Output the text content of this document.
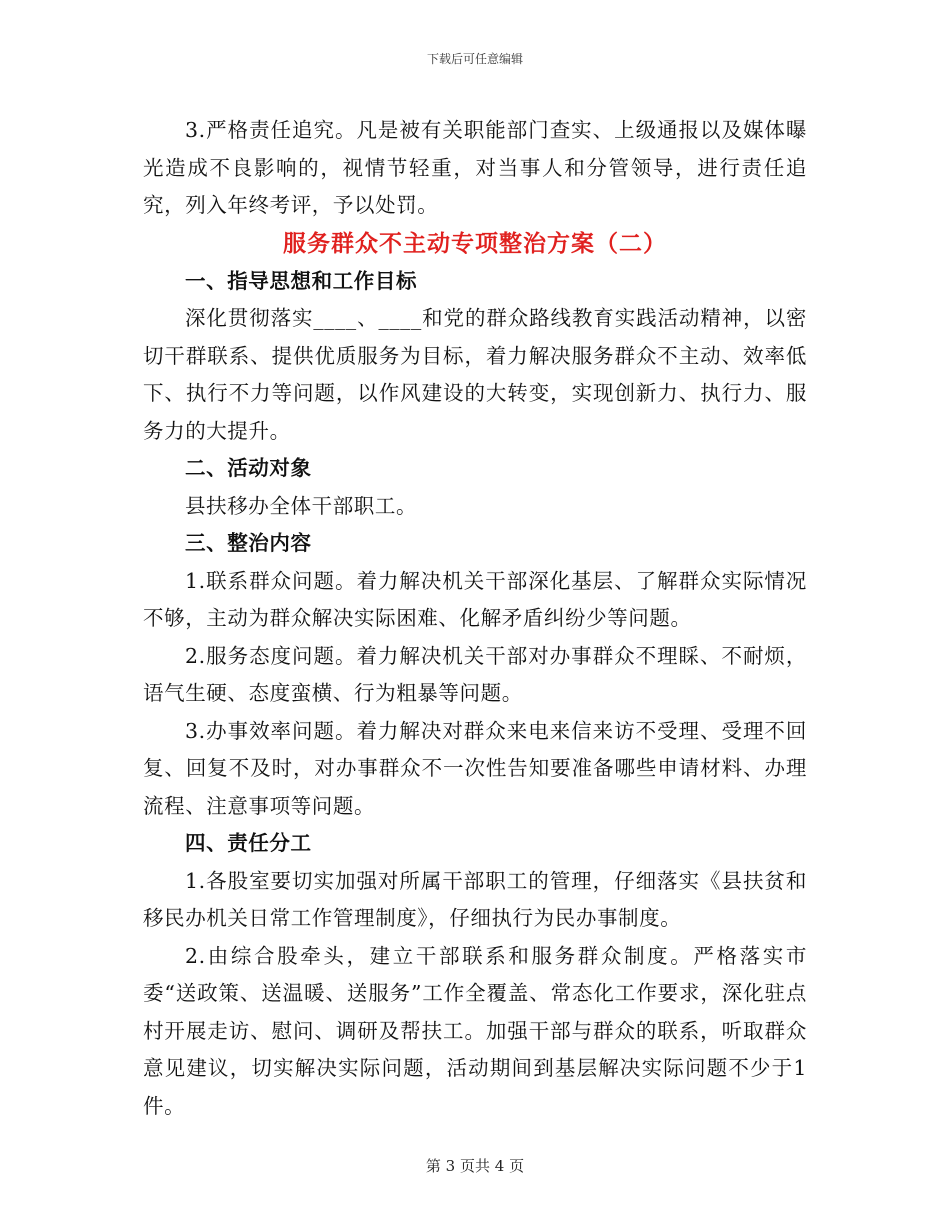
下载后可任意编辑

3.严格责任追究。凡是被有关职能部门查实、上级通报以及媒体曝光造成不良影响的，视情节轻重，对当事人和分管领导，进行责任追究，列入年终考评，予以处罚。

服务群众不主动专项整治方案（二）

一、指导思想和工作目标

深化贯彻落实____、____和党的群众路线教育实践活动精神，以密切干群联系、提供优质服务为目标，着力解决服务群众不主动、效率低下、执行不力等问题，以作风建设的大转变，实现创新力、执行力、服务力的大提升。

二、活动对象

县扶移办全体干部职工。

三、整治内容

1.联系群众问题。着力解决机关干部深化基层、了解群众实际情况不够，主动为群众解决实际困难、化解矛盾纠纷少等问题。

2.服务态度问题。着力解决机关干部对办事群众不理睬、不耐烦，语气生硬、态度蛮横、行为粗暴等问题。

3.办事效率问题。着力解决对群众来电来信来访不受理、受理不回复、回复不及时，对办事群众不一次性告知要准备哪些申请材料、办理流程、注意事项等问题。

四、责任分工

1.各股室要切实加强对所属干部职工的管理，仔细落实《县扶贫和移民办机关日常工作管理制度》，仔细执行为民办事制度。

2.由综合股牵头，建立干部联系和服务群众制度。严格落实市委“送政策、送温暖、送服务”工作全覆盖、常态化工作要求，深化驻点村开展走访、慰问、调研及帮扶工。加强干部与群众的联系，听取群众意见建议，切实解决实际问题，活动期间到基层解决实际问题不少于1件。

第 3 页共 4 页
